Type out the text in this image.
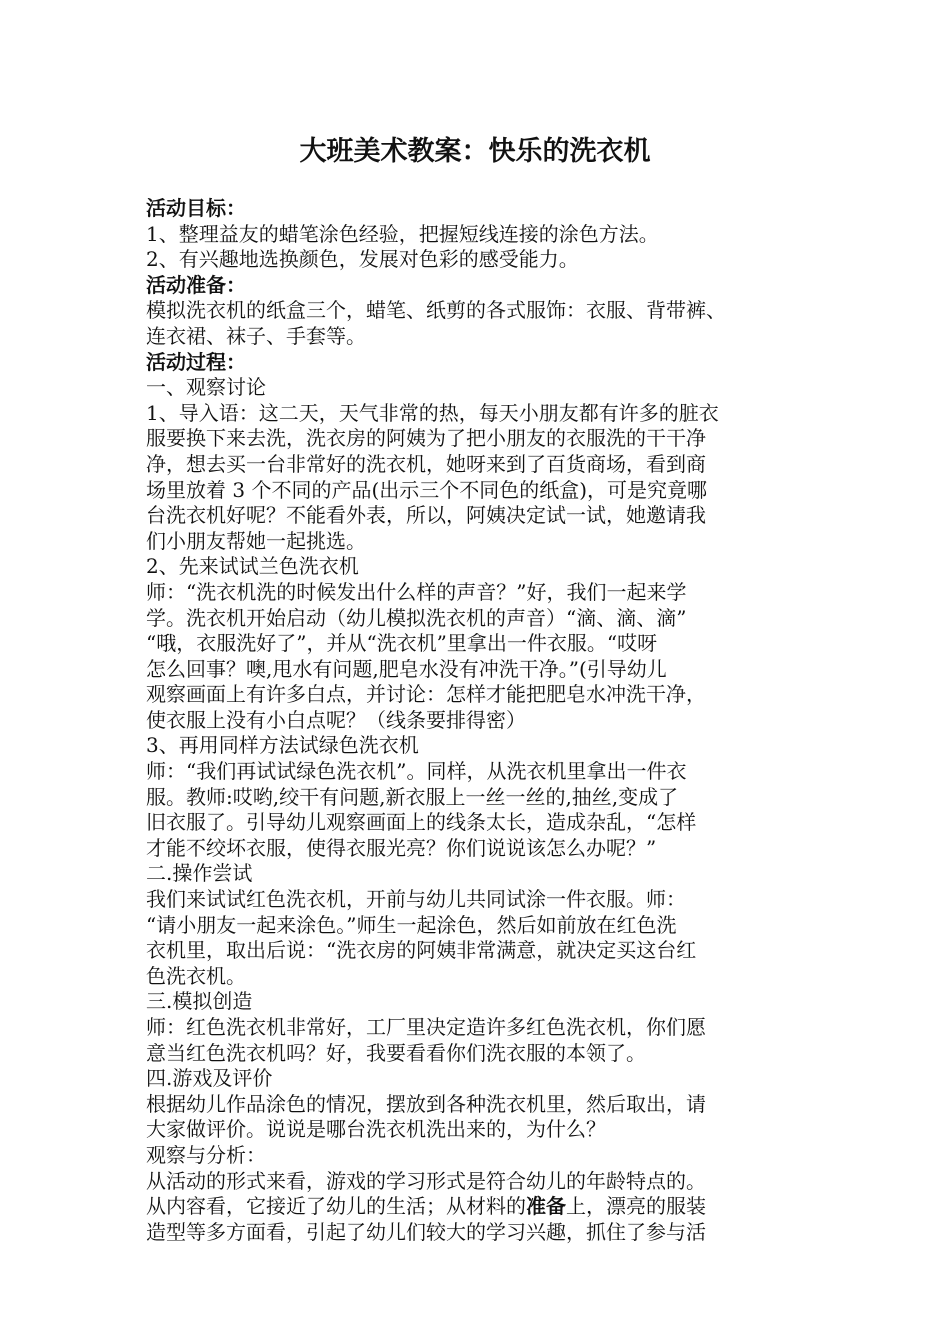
大班美术教案：快乐的洗衣机
活动目标：
1、整理益友的蜡笔涂色经验，把握短线连接的涂色方法。
2、有兴趣地选换颜色，发展对色彩的感受能力。
活动准备：
模拟洗衣机的纸盒三个，蜡笔、纸剪的各式服饰：衣服、背带裤、
连衣裙、袜子、手套等。
活动过程：
一、观察讨论
1、导入语：这二天，天气非常的热，每天小朋友都有许多的脏衣
服要换下来去洗，洗衣房的阿姨为了把小朋友的衣服洗的干干净
净，想去买一台非常好的洗衣机，她呀来到了百货商场，看到商
场里放着 3 个不同的产品(出示三个不同色的纸盒)，可是究竟哪
台洗衣机好呢？不能看外表，所以，阿姨决定试一试，她邀请我
们小朋友帮她一起挑选。
2、先来试试兰色洗衣机
师：“洗衣机洗的时候发出什么样的声音？”好，我们一起来学
学。洗衣机开始启动（幼儿模拟洗衣机的声音）“滴、滴、滴”
“哦，衣服洗好了”，并从“洗衣机”里拿出一件衣服。“哎呀
怎么回事？噢,甩水有问题,肥皂水没有冲洗干净。”(引导幼儿
观察画面上有许多白点，并讨论：怎样才能把肥皂水冲洗干净，
使衣服上没有小白点呢？（线条要排得密）
3、再用同样方法试绿色洗衣机
师：“我们再试试绿色洗衣机”。同样，从洗衣机里拿出一件衣
服。教师:哎哟,绞干有问题,新衣服上一丝一丝的,抽丝,变成了
旧衣服了。引导幼儿观察画面上的线条太长，造成杂乱，“怎样
才能不绞坏衣服，使得衣服光亮？你们说说该怎么办呢？”
二.操作尝试
我们来试试红色洗衣机，开前与幼儿共同试涂一件衣服。师：
“请小朋友一起来涂色。”师生一起涂色，然后如前放在红色洗
衣机里，取出后说：“洗衣房的阿姨非常满意，就决定买这台红
色洗衣机。
三.模拟创造
师：红色洗衣机非常好，工厂里决定造许多红色洗衣机，你们愿
意当红色洗衣机吗？好，我要看看你们洗衣服的本领了。
四.游戏及评价
根据幼儿作品涂色的情况，摆放到各种洗衣机里，然后取出，请
大家做评价。说说是哪台洗衣机洗出来的，为什么？
观察与分析：
从活动的形式来看，游戏的学习形式是符合幼儿的年龄特点的。
从内容看，它接近了幼儿的生活；从材料的准备上，漂亮的服装
造型等多方面看，引起了幼儿们较大的学习兴趣，抓住了参与活
